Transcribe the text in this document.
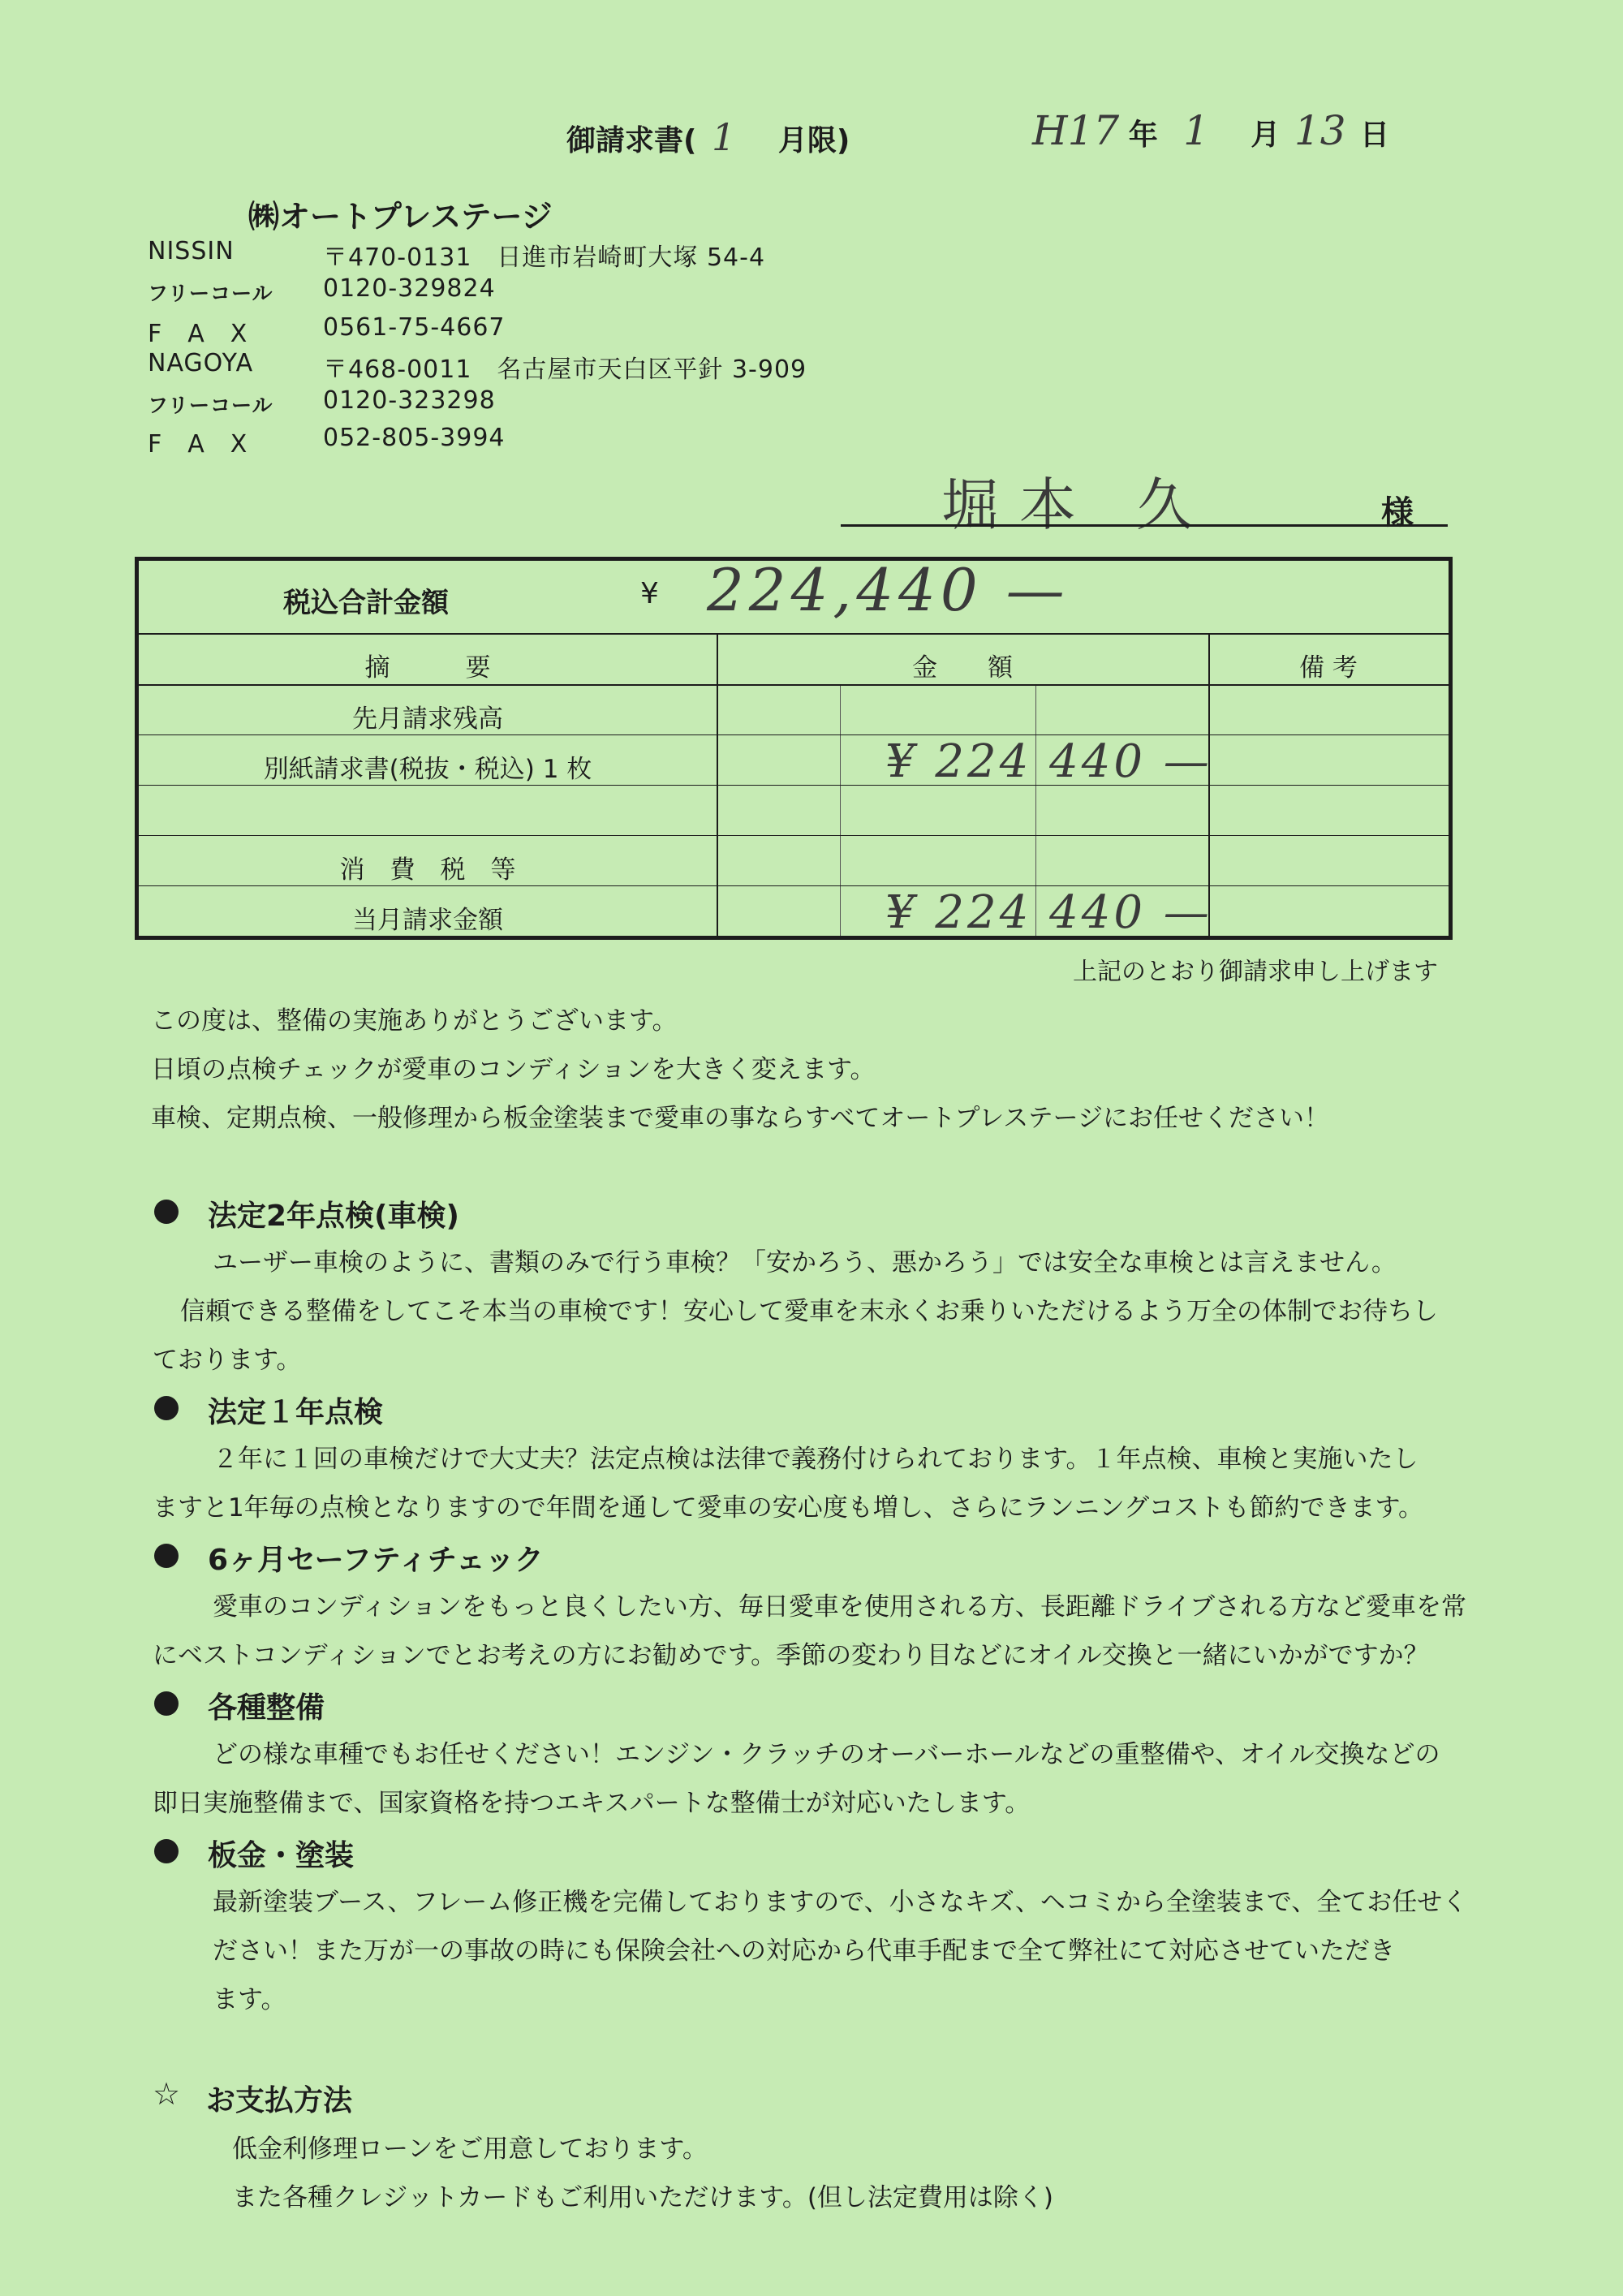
御請求書( 1 月限)	H17 年 1 月 13 日
㈱オートプレステージ
NISSIN	〒470-0131　日進市岩崎町大塚 54-4
フリーコール 0120-329824
F　A　X	0561-75-4667
NAGOYA	〒468-0011　名古屋市天白区平針 3-909
フリーコール 0120-323298
F　A　X	052-805-3994
堀本 久	様
税込合計金額	¥ 224,440 —
摘　　　要	金　　額	備 考
先月請求残高
別紙請求書(税抜・税込) 1 枚	¥ 224 440 —
消　費　税　等
当月請求金額	¥ 224 440 —
上記のとおり御請求申し上げます
この度は、整備の実施ありがとうございます。
日頃の点検チェックが愛車のコンディションを大きく変えます。
車検、定期点検、一般修理から板金塗装まで愛車の事ならすべてオートプレステージにお任せください！
法定2年点検(車検)
ユーザー車検のように、書類のみで行う車検？「安かろう、悪かろう」では安全な車検とは言えません。
信頼できる整備をしてこそ本当の車検です！安心して愛車を末永くお乗りいただけるよう万全の体制でお待ちし
ております。
法定１年点検
２年に１回の車検だけで大丈夫？法定点検は法律で義務付けられております。１年点検、車検と実施いたし
ますと1年毎の点検となりますので年間を通して愛車の安心度も増し、さらにランニングコストも節約できます。
6ヶ月セーフティチェック
愛車のコンディションをもっと良くしたい方、毎日愛車を使用される方、長距離ドライブされる方など愛車を常
にベストコンディションでとお考えの方にお勧めです。季節の変わり目などにオイル交換と一緒にいかがですか？
各種整備
どの様な車種でもお任せください！エンジン・クラッチのオーバーホールなどの重整備や、オイル交換などの
即日実施整備まで、国家資格を持つエキスパートな整備士が対応いたします。
板金・塗装
最新塗装ブース、フレーム修正機を完備しておりますので、小さなキズ、ヘコミから全塗装まで、全てお任せく
ださい！また万が一の事故の時にも保険会社への対応から代車手配まで全て弊社にて対応させていただき
ます。
☆ お支払方法
低金利修理ローンをご用意しております。
また各種クレジットカードもご利用いただけます。(但し法定費用は除く)
